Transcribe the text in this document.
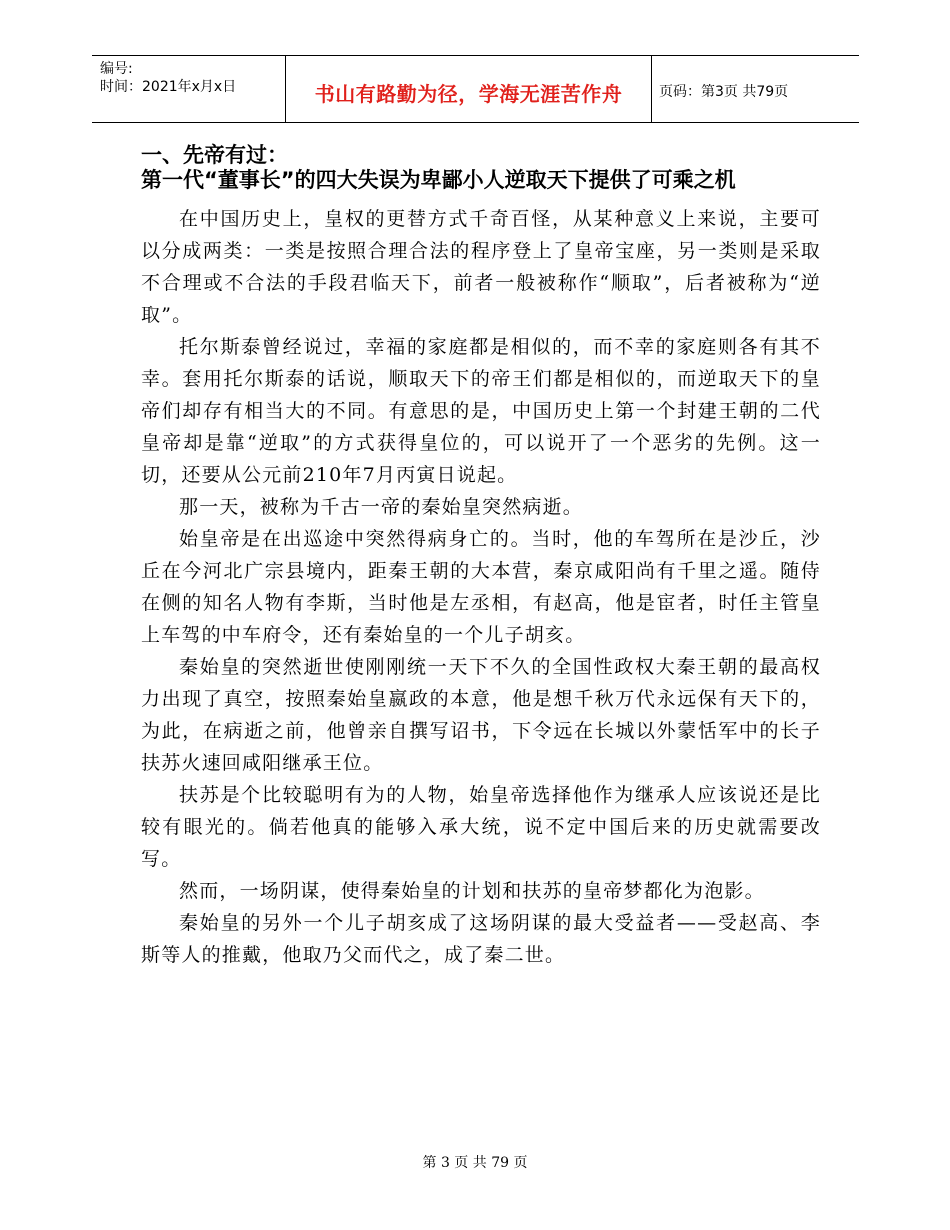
编号:
时间：2021年x月x日	书山有路勤为径，学海无涯苦作舟	页码：第3页 共79页
一、先帝有过：
第一代“董事长”的四大失误为卑鄙小人逆取天下提供了可乘之机

在中国历史上，皇权的更替方式千奇百怪，从某种意义上来说，主要可以分成两类：一类是按照合理合法的程序登上了皇帝宝座，另一类则是采取不合理或不合法的手段君临天下，前者一般被称作“顺取”，后者被称为“逆取”。

托尔斯泰曾经说过，幸福的家庭都是相似的，而不幸的家庭则各有其不幸。套用托尔斯泰的话说，顺取天下的帝王们都是相似的，而逆取天下的皇帝们却存有相当大的不同。有意思的是，中国历史上第一个封建王朝的二代皇帝却是靠“逆取”的方式获得皇位的，可以说开了一个恶劣的先例。这一切，还要从公元前210年7月丙寅日说起。

那一天，被称为千古一帝的秦始皇突然病逝。

始皇帝是在出巡途中突然得病身亡的。当时，他的车驾所在是沙丘，沙丘在今河北广宗县境内，距秦王朝的大本营，秦京咸阳尚有千里之遥。随侍在侧的知名人物有李斯，当时他是左丞相，有赵高，他是宦者，时任主管皇上车驾的中车府令，还有秦始皇的一个儿子胡亥。

秦始皇的突然逝世使刚刚统一天下不久的全国性政权大秦王朝的最高权力出现了真空，按照秦始皇嬴政的本意，他是想千秋万代永远保有天下的，为此，在病逝之前，他曾亲自撰写诏书，下令远在长城以外蒙恬军中的长子扶苏火速回咸阳继承王位。

扶苏是个比较聪明有为的人物，始皇帝选择他作为继承人应该说还是比较有眼光的。倘若他真的能够入承大统，说不定中国后来的历史就需要改写。

然而，一场阴谋，使得秦始皇的计划和扶苏的皇帝梦都化为泡影。

秦始皇的另外一个儿子胡亥成了这场阴谋的最大受益者——受赵高、李斯等人的推戴，他取乃父而代之，成了秦二世。

第 3 页 共 79 页
